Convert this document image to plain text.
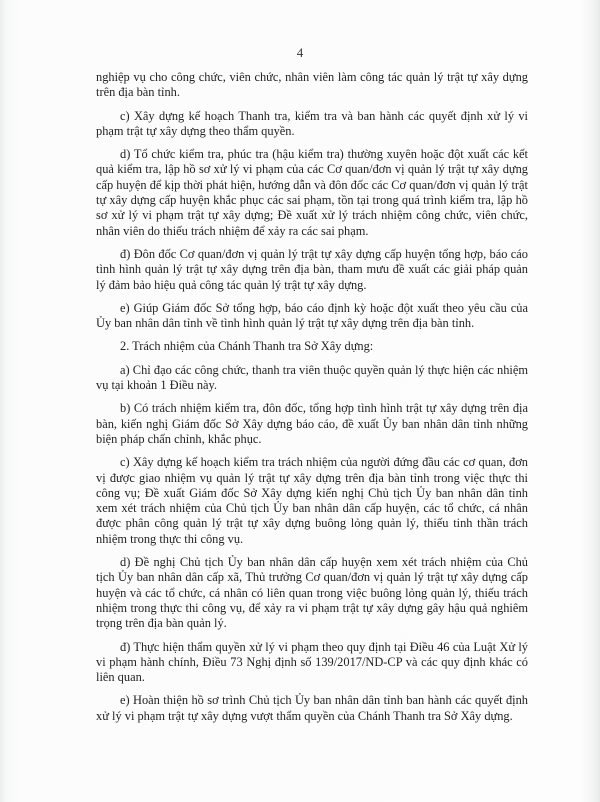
4

nghiệp vụ cho công chức, viên chức, nhân viên làm công tác quản lý trật tự xây dựng trên địa bàn tỉnh.

c) Xây dựng kế hoạch Thanh tra, kiểm tra và ban hành các quyết định xử lý vi phạm trật tự xây dựng theo thẩm quyền.

d) Tổ chức kiểm tra, phúc tra (hậu kiểm tra) thường xuyên hoặc đột xuất các kết quả kiểm tra, lập hồ sơ xử lý vi phạm của các Cơ quan/đơn vị quản lý trật tự xây dựng cấp huyện để kịp thời phát hiện, hướng dẫn và đôn đốc các Cơ quan/đơn vị quản lý trật tự xây dựng cấp huyện khắc phục các sai phạm, tồn tại trong quá trình kiểm tra, lập hồ sơ xử lý vi phạm trật tự xây dựng; Đề xuất xử lý trách nhiệm công chức, viên chức, nhân viên do thiếu trách nhiệm để xảy ra các sai phạm.

đ) Đôn đốc Cơ quan/đơn vị quản lý trật tự xây dựng cấp huyện tổng hợp, báo cáo tình hình quản lý trật tự xây dựng trên địa bàn, tham mưu đề xuất các giải pháp quản lý đảm bảo hiệu quả công tác quản lý trật tự xây dựng.

e) Giúp Giám đốc Sở tổng hợp, báo cáo định kỳ hoặc đột xuất theo yêu cầu của Ủy ban nhân dân tỉnh về tình hình quản lý trật tự xây dựng trên địa bàn tỉnh.

2. Trách nhiệm của Chánh Thanh tra Sở Xây dựng:

a) Chỉ đạo các công chức, thanh tra viên thuộc quyền quản lý thực hiện các nhiệm vụ tại khoản 1 Điều này.

b) Có trách nhiệm kiểm tra, đôn đốc, tổng hợp tình hình trật tự xây dựng trên địa bàn, kiến nghị Giám đốc Sở Xây dựng báo cáo, đề xuất Ủy ban nhân dân tỉnh những biện pháp chấn chỉnh, khắc phục.

c) Xây dựng kế hoạch kiểm tra trách nhiệm của người đứng đầu các cơ quan, đơn vị được giao nhiệm vụ quản lý trật tự xây dựng trên địa bàn tỉnh trong việc thực thi công vụ; Đề xuất Giám đốc Sở Xây dựng kiến nghị Chủ tịch Ủy ban nhân dân tỉnh xem xét trách nhiệm của Chủ tịch Ủy ban nhân dân cấp huyện, các tổ chức, cá nhân được phân công quản lý trật tự xây dựng buông lỏng quản lý, thiếu tinh thần trách nhiệm trong thực thi công vụ.

d) Đề nghị Chủ tịch Ủy ban nhân dân cấp huyện xem xét trách nhiệm của Chủ tịch Ủy ban nhân dân cấp xã, Thủ trưởng Cơ quan/đơn vị quản lý trật tự xây dựng cấp huyện và các tổ chức, cá nhân có liên quan trong việc buông lỏng quản lý, thiếu trách nhiệm trong thực thi công vụ, để xảy ra vi phạm trật tự xây dựng gây hậu quả nghiêm trọng trên địa bàn quản lý.

đ) Thực hiện thẩm quyền xử lý vi phạm theo quy định tại Điều 46 của Luật Xử lý vi phạm hành chính, Điều 73 Nghị định số 139/2017/ND-CP và các quy định khác có liên quan.

e) Hoàn thiện hồ sơ trình Chủ tịch Ủy ban nhân dân tỉnh ban hành các quyết định xử lý vi phạm trật tự xây dựng vượt thẩm quyền của Chánh Thanh tra Sở Xây dựng.
